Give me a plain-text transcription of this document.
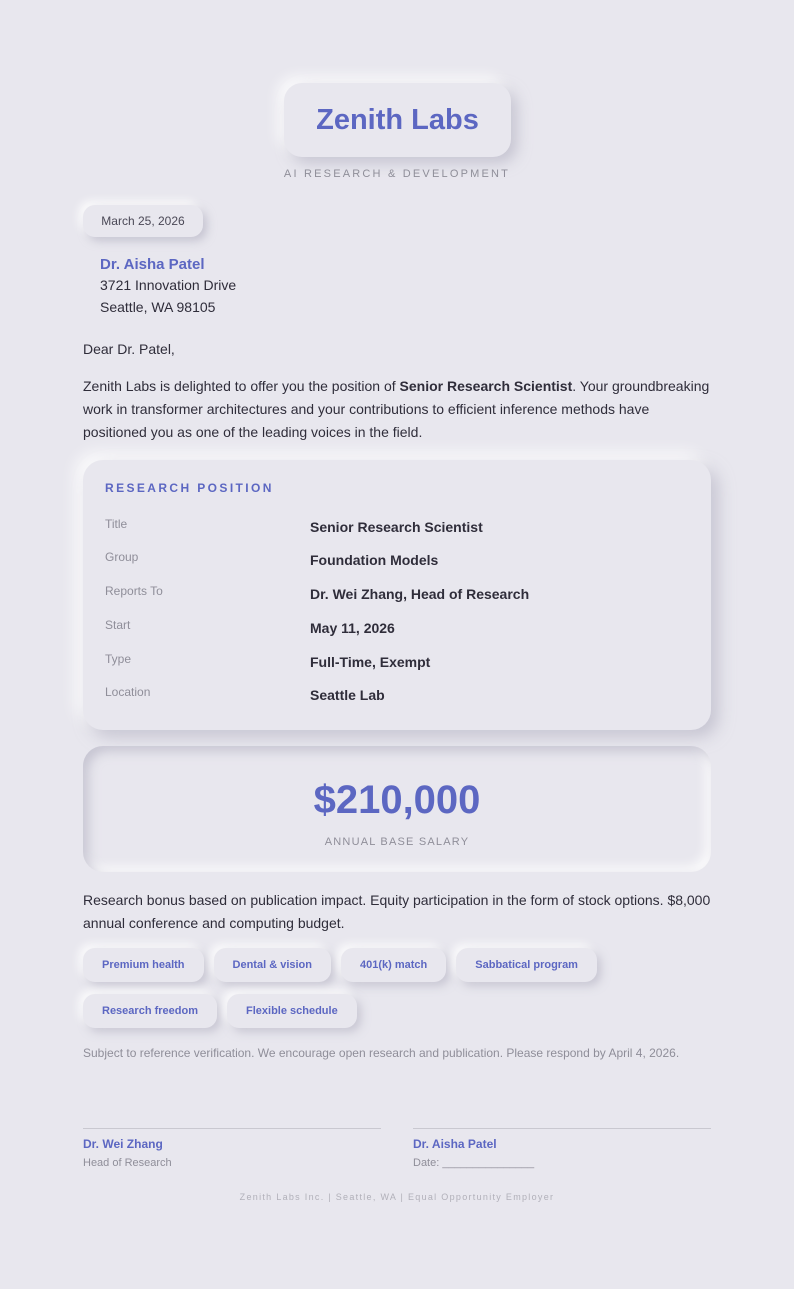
Zenith Labs
AI RESEARCH & DEVELOPMENT
March 25, 2026
Dr. Aisha Patel
3721 Innovation Drive
Seattle, WA 98105
Dear Dr. Patel,
Zenith Labs is delighted to offer you the position of Senior Research Scientist. Your groundbreaking work in transformer architectures and your contributions to efficient inference methods have positioned you as one of the leading voices in the field.
RESEARCH POSITION
Title	Senior Research Scientist
Group	Foundation Models
Reports To	Dr. Wei Zhang, Head of Research
Start	May 11, 2026
Type	Full-Time, Exempt
Location	Seattle Lab
$210,000
ANNUAL BASE SALARY
Research bonus based on publication impact. Equity participation in the form of stock options. $8,000 annual conference and computing budget.
Premium health	Dental & vision	401(k) match	Sabbatical program
Research freedom	Flexible schedule
Subject to reference verification. We encourage open research and publication. Please respond by April 4, 2026.
Dr. Wei Zhang
Head of Research
Dr. Aisha Patel
Date: _______________
Zenith Labs Inc. | Seattle, WA | Equal Opportunity Employer
